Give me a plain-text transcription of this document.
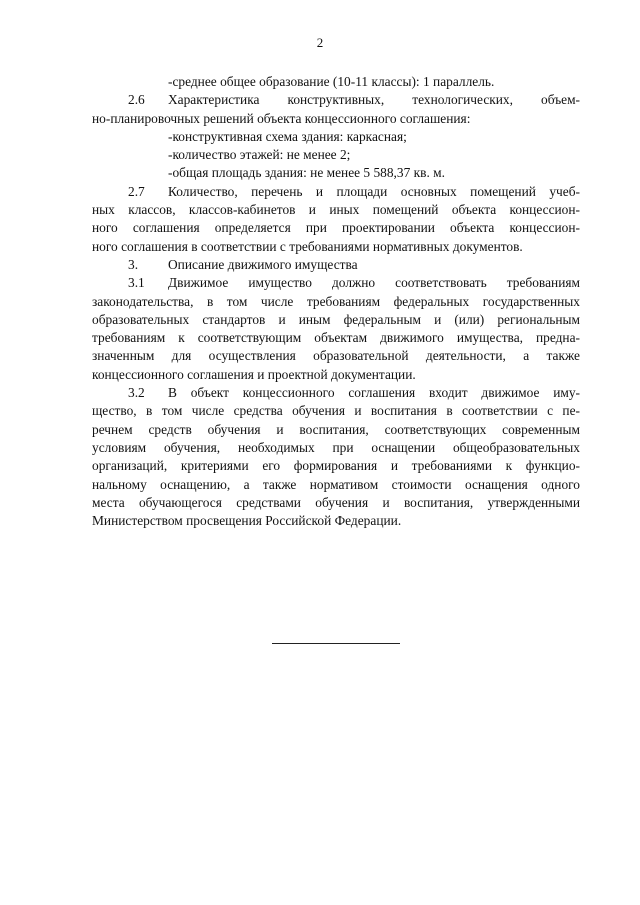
2
-среднее общее образование (10-11 классы): 1 параллель.
2.6 Характеристика конструктивных, технологических, объем-
но-планировочных решений объекта концессионного соглашения:
-конструктивная схема здания: каркасная;
-количество этажей: не менее 2;
-общая площадь здания: не менее 5 588,37 кв. м.
2.7 Количество, перечень и площади основных помещений учеб-
ных классов, классов-кабинетов и иных помещений объекта концессион-
ного соглашения определяется при проектировании объекта концессион-
ного соглашения в соответствии с требованиями нормативных документов.
3. Описание движимого имущества
3.1 Движимое имущество должно соответствовать требованиям
законодательства, в том числе требованиям федеральных государственных
образовательных стандартов и иным федеральным и (или) региональным
требованиям к соответствующим объектам движимого имущества, предна-
значенным для осуществления образовательной деятельности, а также
концессионного соглашения и проектной документации.
3.2 В объект концессионного соглашения входит движимое иму-
щество, в том числе средства обучения и воспитания в соответствии с пе-
речнем средств обучения и воспитания, соответствующих современным
условиям обучения, необходимых при оснащении общеобразовательных
организаций, критериями его формирования и требованиями к функцио-
нальному оснащению, а также нормативом стоимости оснащения одного
места обучающегося средствами обучения и воспитания, утвержденными
Министерством просвещения Российской Федерации.
